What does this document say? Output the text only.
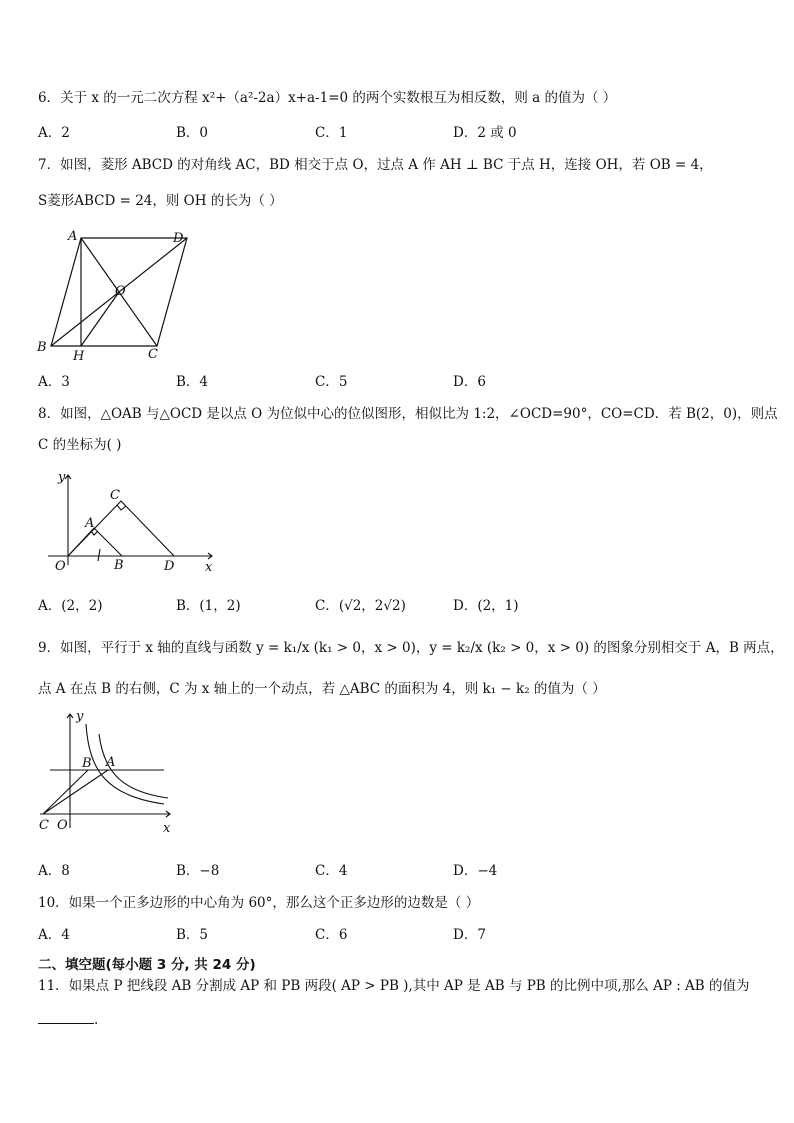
6．关于 x 的一元二次方程 x²+（a²-2a）x+a-1=0 的两个实数根互为相反数，则 a 的值为（ ）
A．2	B．0	C．1	D．2 或 0
7．如图，菱形 ABCD 的对角线 AC，BD 相交于点 O，过点 A 作 AH ⊥ BC 于点 H，连接 OH，若 OB = 4，
S菱形ABCD = 24，则 OH 的长为（ ）
A	D
O
B
H	C
A．3	B．4	C．5	D．6
8．如图，△OAB 与△OCD 是以点 O 为位似中心的位似图形，相似比为 1:2，∠OCD=90°，CO=CD．若 B(2，0)，则点
C 的坐标为( )
y
x
O
A
B
C
D
A．(2，2)	B．(1，2)	C．(√2，2√2)	D．(2，1)
9．如图，平行于 x 轴的直线与函数 y = k₁/x (k₁ > 0，x > 0)，y = k₂/x (k₂ > 0，x > 0) 的图象分别相交于 A，B 两点，
点 A 在点 B 的右侧，C 为 x 轴上的一个动点，若 △ABC 的面积为 4，则 k₁ − k₂ 的值为（ ）
y
x
O
C
B A
A．8	B．−8	C．4	D．−4
10．如果一个正多边形的中心角为 60°，那么这个正多边形的边数是（ ）
A．4	B．5	C．6	D．7
二、填空题(每小题 3 分, 共 24 分)
11．如果点 P 把线段 AB 分割成 AP 和 PB 两段( AP > PB ),其中 AP 是 AB 与 PB 的比例中项,那么 AP : AB 的值为
.
